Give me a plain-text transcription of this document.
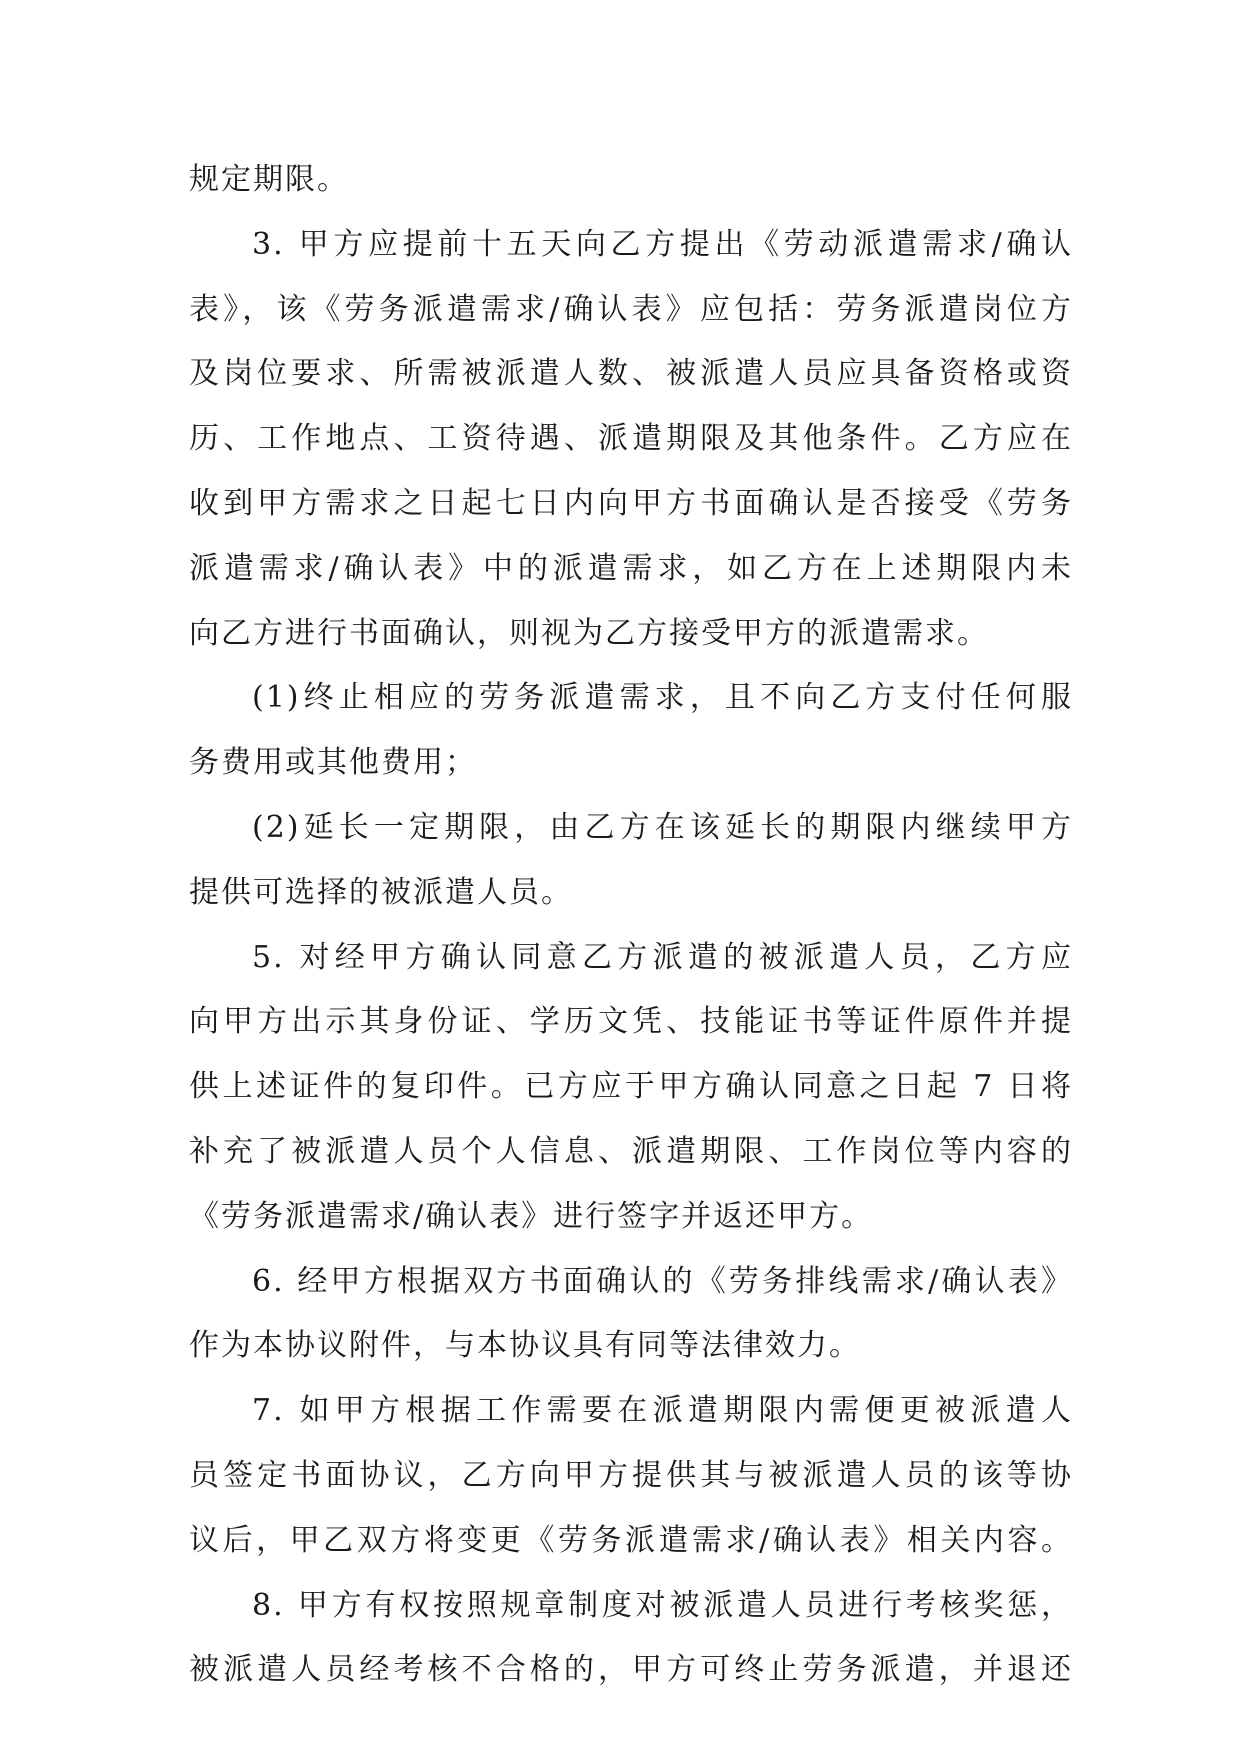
规定期限。
3. 甲方应提前十五天向乙方提出《劳动派遣需求/确认
表》，该《劳务派遣需求/确认表》应包括：劳务派遣岗位方
及岗位要求、所需被派遣人数、被派遣人员应具备资格或资
历、工作地点、工资待遇、派遣期限及其他条件。乙方应在
收到甲方需求之日起七日内向甲方书面确认是否接受《劳务
派遣需求/确认表》中的派遣需求，如乙方在上述期限内未
向乙方进行书面确认，则视为乙方接受甲方的派遣需求。
(1)终止相应的劳务派遣需求，且不向乙方支付任何服
务费用或其他费用；
(2)延长一定期限，由乙方在该延长的期限内继续甲方
提供可选择的被派遣人员。
5. 对经甲方确认同意乙方派遣的被派遣人员，乙方应
向甲方出示其身份证、学历文凭、技能证书等证件原件并提
供上述证件的复印件。已方应于甲方确认同意之日起 7 日将
补充了被派遣人员个人信息、派遣期限、工作岗位等内容的
《劳务派遣需求/确认表》进行签字并返还甲方。
6. 经甲方根据双方书面确认的《劳务排线需求/确认表》
作为本协议附件，与本协议具有同等法律效力。
7. 如甲方根据工作需要在派遣期限内需便更被派遣人
员签定书面协议，乙方向甲方提供其与被派遣人员的该等协
议后，甲乙双方将变更《劳务派遣需求/确认表》相关内容。
8. 甲方有权按照规章制度对被派遣人员进行考核奖惩，
被派遣人员经考核不合格的，甲方可终止劳务派遣，并退还
